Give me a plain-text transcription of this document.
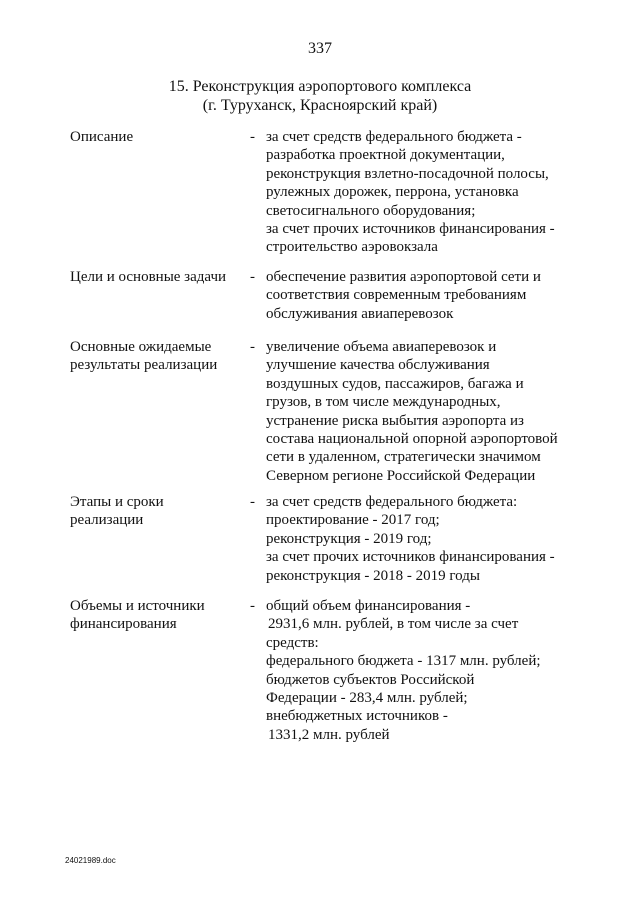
337
15. Реконструкция аэропортового комплекса
(г. Туруханск, Красноярский край)
Описание	- за счет средств федерального бюджета -
разработка проектной документации,
реконструкция взлетно-посадочной полосы,
рулежных дорожек, перрона, установка
светосигнального оборудования;
за счет прочих источников финансирования -
строительство аэровокзала
Цели и основные задачи	- обеспечение развития аэропортовой сети и
соответствия современным требованиям
обслуживания авиаперевозок
Основные ожидаемые
результаты реализации
- увеличение объема авиаперевозок и
улучшение качества обслуживания
воздушных судов, пассажиров, багажа и
грузов, в том числе международных,
устранение риска выбытия аэропорта из
состава национальной опорной аэропортовой
сети в удаленном, стратегически значимом
Северном регионе Российской Федерации
Этапы и сроки
реализации
- за счет средств федерального бюджета:
проектирование - 2017 год;
реконструкция - 2019 год;
за счет прочих источников финансирования -
реконструкция - 2018 - 2019 годы
Объемы и источники
финансирования
- общий объем финансирования -
2931,6 млн. рублей, в том числе за счет
средств:
федерального бюджета - 1317 млн. рублей;
бюджетов субъектов Российской
Федерации - 283,4 млн. рублей;
внебюджетных источников -
1331,2 млн. рублей
24021989.doc
